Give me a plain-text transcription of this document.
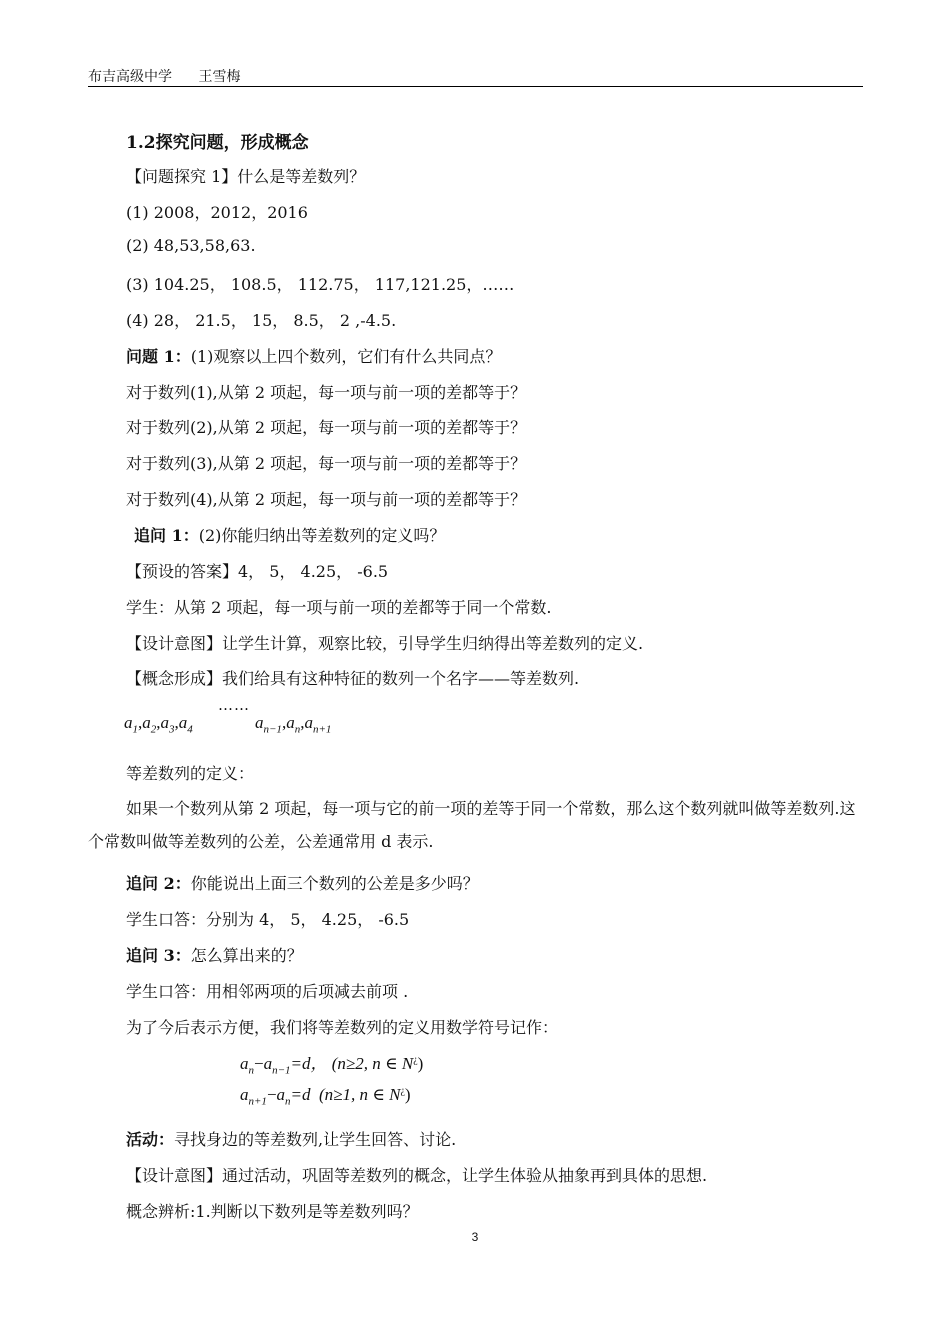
布吉高级中学 王雪梅
1.2探究问题，形成概念
【问题探究 1】什么是等差数列？
(1) 2008，2012，2016
(2) 48,53,58,63.
(3) 104.25， 108.5， 112.75， 117,121.25，……
(4) 28， 21.5， 15， 8.5， 2 ,-4.5.
问题 1：(1)观察以上四个数列，它们有什么共同点？
对于数列(1),从第 2 项起，每一项与前一项的差都等于？
对于数列(2),从第 2 项起，每一项与前一项的差都等于？
对于数列(3),从第 2 项起，每一项与前一项的差都等于？
对于数列(4),从第 2 项起，每一项与前一项的差都等于？
追问 1：(2)你能归纳出等差数列的定义吗？
【预设的答案】4， 5， 4.25， -6.5
学生：从第 2 项起，每一项与前一项的差都等于同一个常数.
【设计意图】让学生计算，观察比较，引导学生归纳得出等差数列的定义.
【概念形成】我们给具有这种特征的数列一个名字——等差数列.
……
$a_1,a_2,a_3,a_4$	$a_{n-1},a_n,a_{n+1}$
等差数列的定义：
如果一个数列从第 2 项起，每一项与它的前一项的差等于同一个常数，那么这个数列就叫做等差数列.这个常数叫做等差数列的公差，公差通常用 d 表示.
追问 2：你能说出上面三个数列的公差是多少吗？
学生口答：分别为 4， 5， 4.25， -6.5
追问 3：怎么算出来的？
学生口答：用相邻两项的后项减去前项 .
为了今后表示方便，我们将等差数列的定义用数学符号记作：
$a_n-a_{n-1}=d$， (n≥2, n ∈ N¿)
$a_{n+1}-a_n=d$ (n≥1, n ∈ N¿)
活动：寻找身边的等差数列,让学生回答、讨论.
【设计意图】通过活动，巩固等差数列的概念，让学生体验从抽象再到具体的思想.
概念辨析:1.判断以下数列是等差数列吗？
3
